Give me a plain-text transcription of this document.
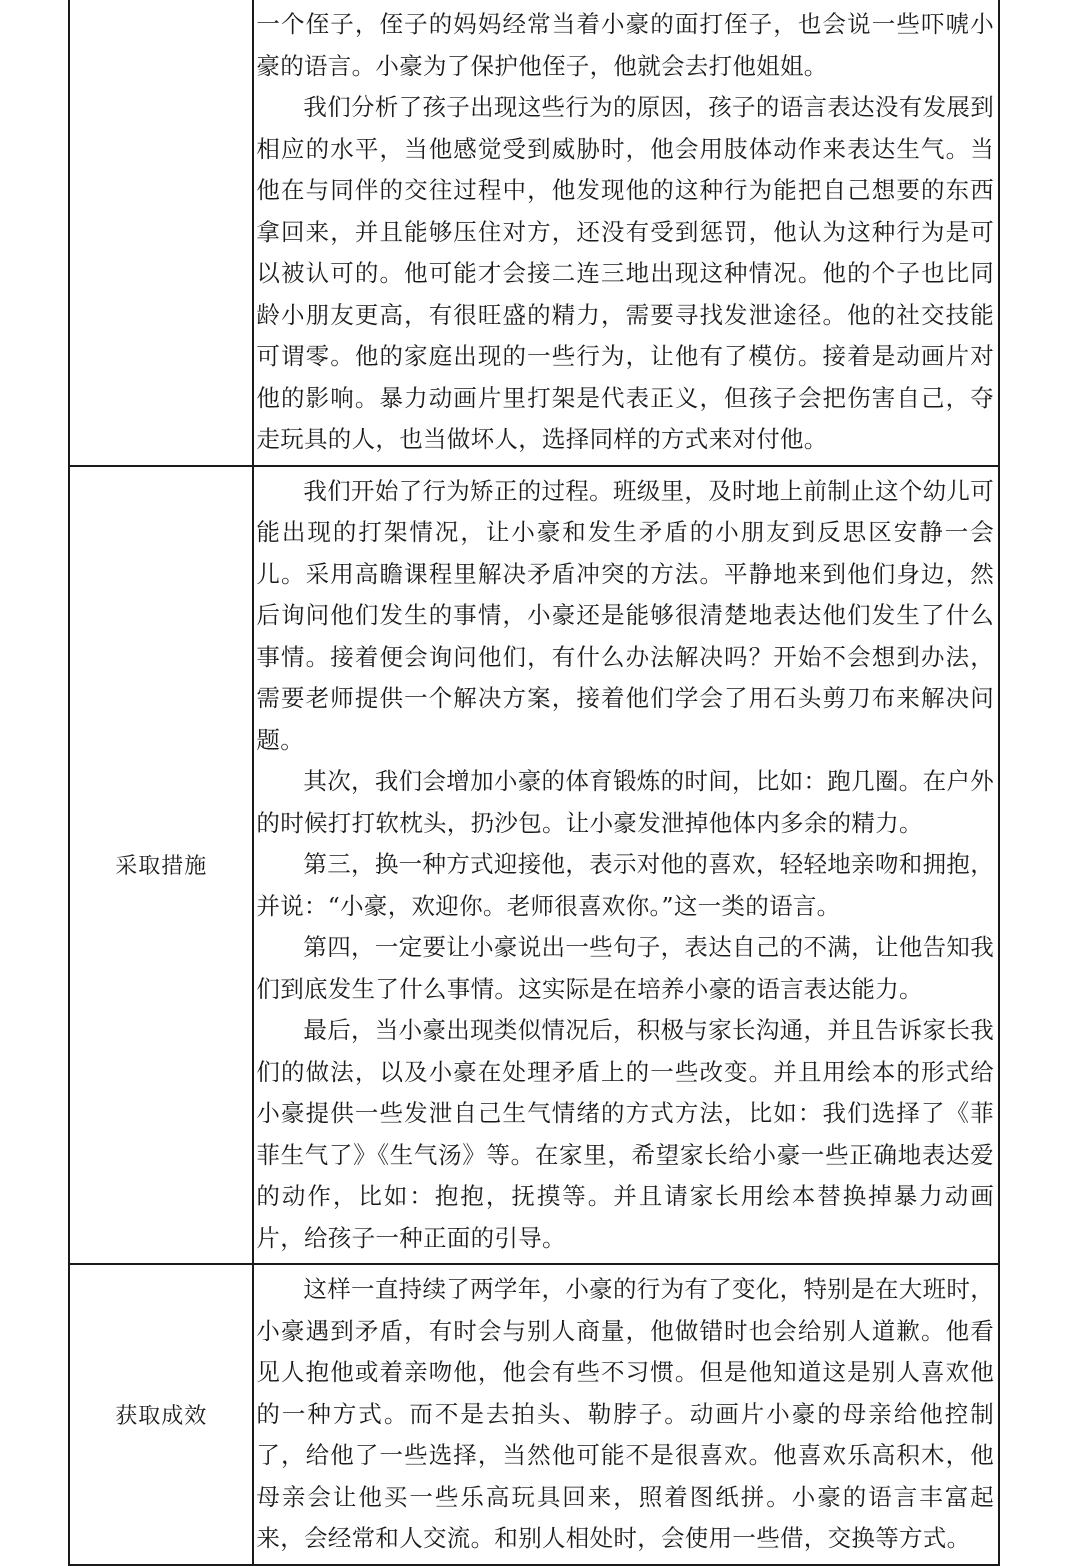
	一个侄子，侄子的妈妈经常当着小豪的面打侄子，也会说一些吓唬小豪的语言。小豪为了保护他侄子，他就会去打他姐姐。

我们分析了孩子出现这些行为的原因，孩子的语言表达没有发展到相应的水平，当他感觉受到威胁时，他会用肢体动作来表达生气。当他在与同伴的交往过程中，他发现他的这种行为能把自己想要的东西拿回来，并且能够压住对方，还没有受到惩罚，他认为这种行为是可以被认可的。他可能才会接二连三地出现这种情况。他的个子也比同龄小朋友更高，有很旺盛的精力，需要寻找发泄途径。他的社交技能可谓零。他的家庭出现的一些行为，让他有了模仿。接着是动画片对他的影响。暴力动画片里打架是代表正义，但孩子会把伤害自己，夺走玩具的人，也当做坏人，选择同样的方式来对付他。

采取措施	我们开始了行为矫正的过程。班级里，及时地上前制止这个幼儿可能出现的打架情况，让小豪和发生矛盾的小朋友到反思区安静一会儿。采用高瞻课程里解决矛盾冲突的方法。平静地来到他们身边，然后询问他们发生的事情，小豪还是能够很清楚地表达他们发生了什么事情。接着便会询问他们，有什么办法解决吗？开始不会想到办法，需要老师提供一个解决方案，接着他们学会了用石头剪刀布来解决问题。

其次，我们会增加小豪的体育锻炼的时间，比如：跑几圈。在户外的时候打打软枕头，扔沙包。让小豪发泄掉他体内多余的精力。

第三，换一种方式迎接他，表示对他的喜欢，轻轻地亲吻和拥抱，并说：“小豪，欢迎你。老师很喜欢你。”这一类的语言。

第四，一定要让小豪说出一些句子，表达自己的不满，让他告知我们到底发生了什么事情。这实际是在培养小豪的语言表达能力。

最后，当小豪出现类似情况后，积极与家长沟通，并且告诉家长我们的做法，以及小豪在处理矛盾上的一些改变。并且用绘本的形式给小豪提供一些发泄自己生气情绪的方式方法，比如：我们选择了《菲菲生气了》《生气汤》等。在家里，希望家长给小豪一些正确地表达爱的动作，比如：抱抱，抚摸等。并且请家长用绘本替换掉暴力动画片，给孩子一种正面的引导。

获取成效	这样一直持续了两学年，小豪的行为有了变化，特别是在大班时，小豪遇到矛盾，有时会与别人商量，他做错时也会给别人道歉。他看见人抱他或着亲吻他，他会有些不习惯。但是他知道这是别人喜欢他的一种方式。而不是去拍头、勒脖子。动画片小豪的母亲给他控制了，给他了一些选择，当然他可能不是很喜欢。他喜欢乐高积木，他母亲会让他买一些乐高玩具回来，照着图纸拼。小豪的语言丰富起来，会经常和人交流。和别人相处时，会使用一些借，交换等方式。
